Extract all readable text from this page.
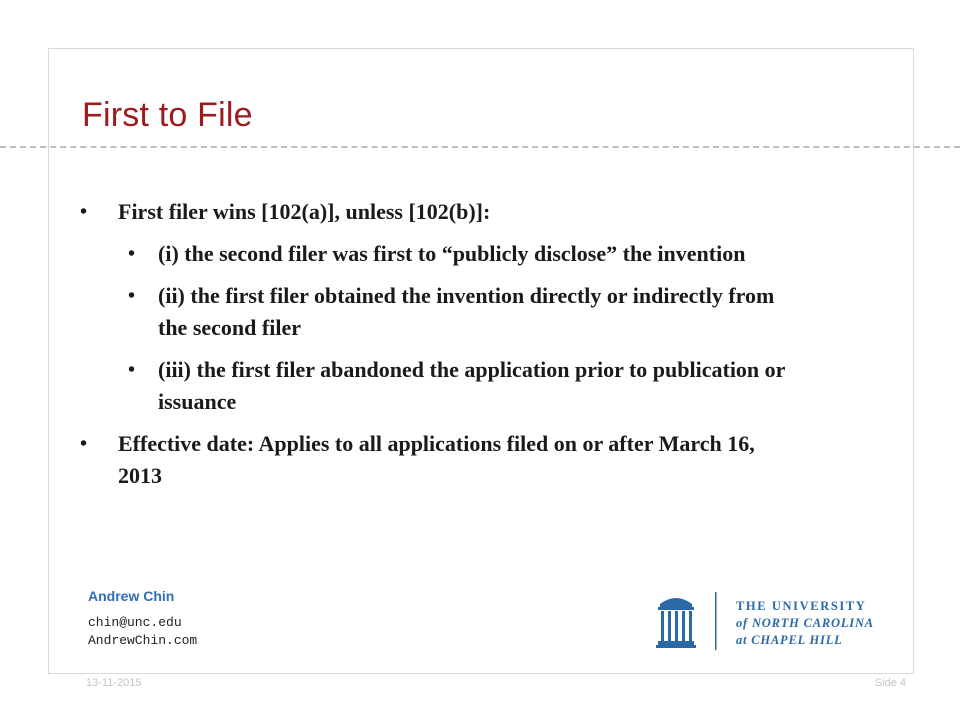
First to File
• First filer wins [102(a)], unless [102(b)]:
• (i) the second filer was first to “publicly disclose” the invention
• (ii) the first filer obtained the invention directly or indirectly from the second filer
• (iii) the first filer abandoned the application prior to publication or issuance
• Effective date: Applies to all applications filed on or after March 16, 2013
Andrew Chin
chin@unc.edu
AndrewChin.com
THE UNIVERSITY
of NORTH CAROLINA
at CHAPEL HILL
13-11-2015	Side 4
